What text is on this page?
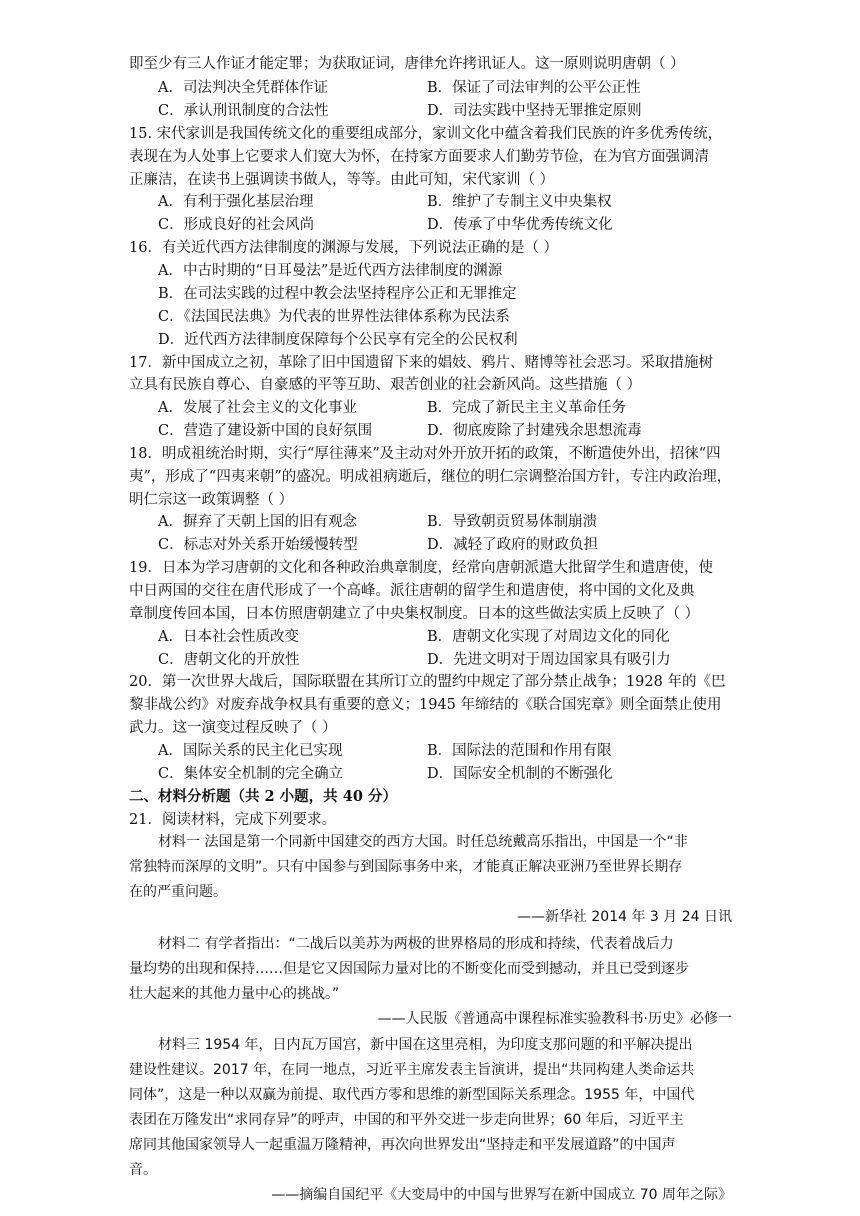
即至少有三人作证才能定罪；为获取证词，唐律允许拷讯证人。这一原则说明唐朝（ ）
A．司法判决全凭群体作证	B．保证了司法审判的公平公正性
C．承认刑讯制度的合法性	D．司法实践中坚持无罪推定原则
15. 宋代家训是我国传统文化的重要组成部分，家训文化中蕴含着我们民族的许多优秀传统，
表现在为人处事上它要求人们宽大为怀，在持家方面要求人们勤劳节俭，在为官方面强调清
正廉洁，在读书上强调读书做人，等等。由此可知，宋代家训（ ）
A．有利于强化基层治理	B．维护了专制主义中央集权
C．形成良好的社会风尚	D．传承了中华优秀传统文化
16．有关近代西方法律制度的渊源与发展，下列说法正确的是（ ）
A．中古时期的“日耳曼法”是近代西方法律制度的渊源
B．在司法实践的过程中教会法坚持程序公正和无罪推定
C．《法国民法典》为代表的世界性法律体系称为民法系
D．近代西方法律制度保障每个公民享有完全的公民权利
17．新中国成立之初，革除了旧中国遗留下来的娼妓、鸦片、赌博等社会恶习。采取措施树
立具有民族自尊心、自豪感的平等互助、艰苦创业的社会新风尚。这些措施（ ）
A．发展了社会主义的文化事业	B．完成了新民主主义革命任务
C．营造了建设新中国的良好氛围	D．彻底废除了封建残余思想流毒
18．明成祖统治时期，实行“厚往薄来”及主动对外开放开拓的政策，不断遣使外出，招徕“四
夷”，形成了“四夷来朝”的盛况。明成祖病逝后，继位的明仁宗调整治国方针，专注内政治理，
明仁宗这一政策调整（ ）
A．摒弃了天朝上国的旧有观念	B．导致朝贡贸易体制崩溃
C．标志对外关系开始缓慢转型	D．减轻了政府的财政负担
19．日本为学习唐朝的文化和各种政治典章制度，经常向唐朝派遣大批留学生和遣唐使，使
中日两国的交往在唐代形成了一个高峰。派往唐朝的留学生和遣唐使，将中国的文化及典
章制度传回本国，日本仿照唐朝建立了中央集权制度。日本的这些做法实质上反映了（ ）
A．日本社会性质改变	B．唐朝文化实现了对周边文化的同化
C．唐朝文化的开放性	D．先进文明对于周边国家具有吸引力
20．第一次世界大战后，国际联盟在其所订立的盟约中规定了部分禁止战争；1928 年的《巴
黎非战公约》对废弃战争权具有重要的意义；1945 年缔结的《联合国宪章》则全面禁止使用
武力。这一演变过程反映了（ ）
A．国际关系的民主化已实现	B．国际法的范围和作用有限
C．集体安全机制的完全确立	D．国际安全机制的不断强化
二、材料分析题（共 2 小题，共 40 分）
21．阅读材料，完成下列要求。
材料一 法国是第一个同新中国建交的西方大国。时任总统戴高乐指出，中国是一个“非
常独特而深厚的文明”。只有中国参与到国际事务中来，才能真正解决亚洲乃至世界长期存
在的严重问题。
——新华社 2014 年 3 月 24 日讯
材料二 有学者指出：“二战后以美苏为两极的世界格局的形成和持续，代表着战后力
量均势的出现和保持……但是它又因国际力量对比的不断变化而受到撼动，并且已受到逐步
壮大起来的其他力量中心的挑战。”
——人民版《普通高中课程标准实验教科书·历史》必修一
材料三 1954 年，日内瓦万国宫，新中国在这里亮相，为印度支那问题的和平解决提出
建设性建议。2017 年，在同一地点，习近平主席发表主旨演讲，提出“共同构建人类命运共
同体”，这是一种以双赢为前提、取代西方零和思维的新型国际关系理念。1955 年，中国代
表团在万隆发出“求同存异”的呼声，中国的和平外交进一步走向世界；60 年后，习近平主
席同其他国家领导人一起重温万隆精神，再次向世界发出“坚持走和平发展道路”的中国声
音。
——摘编自国纪平《大变局中的中国与世界写在新中国成立 70 周年之际》
